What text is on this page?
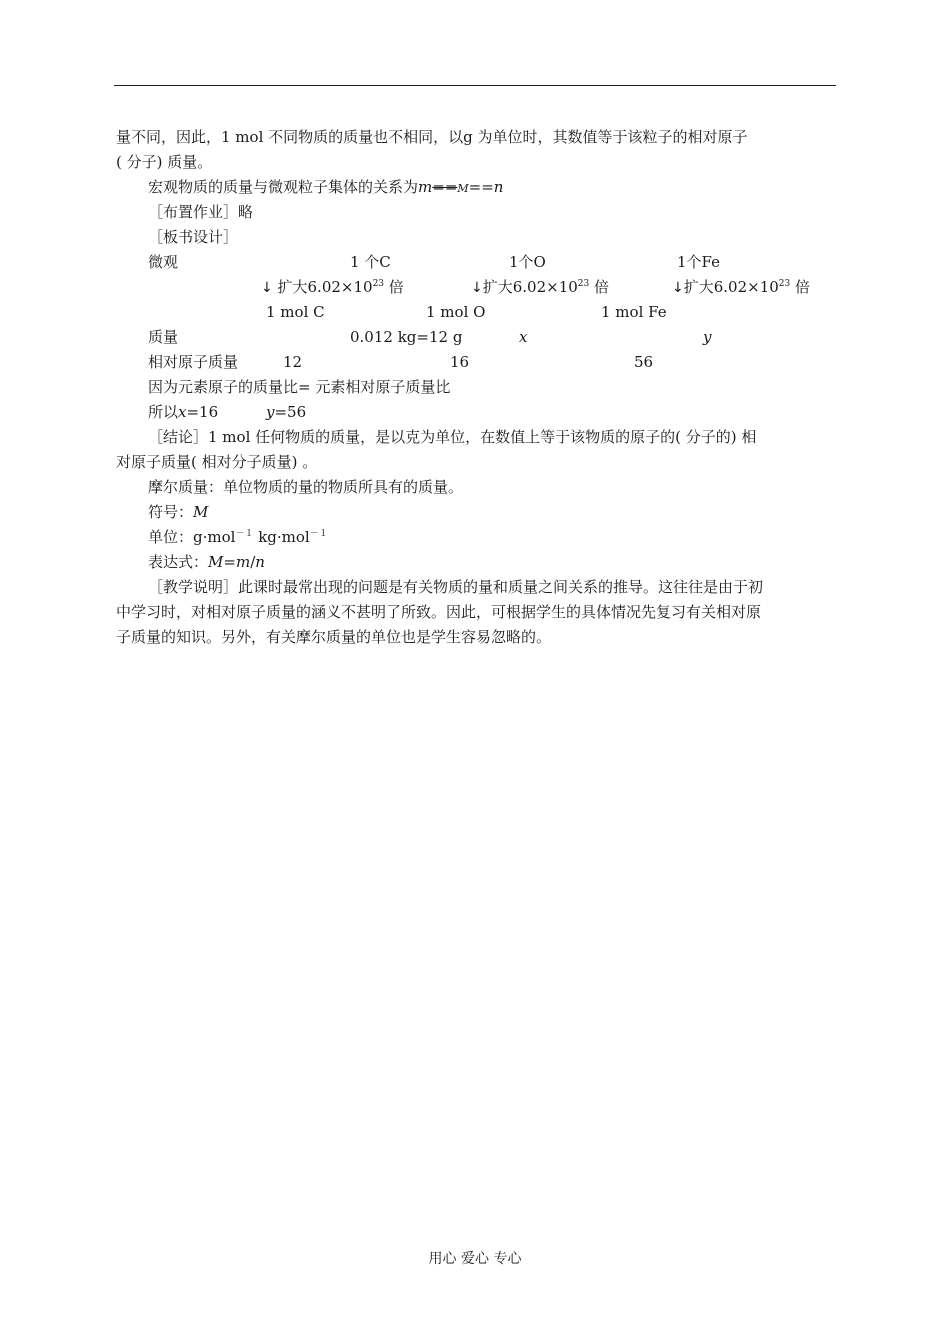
量不同，因此，1 mol 不同物质的质量也不相同，以g 为单位时，其数值等于该粒子的相对原子
( 分子) 质量。
宏观物质的质量与微观粒子集体的关系为m==M==n
［布置作业］略
［板书设计］
微观	1 个C	1个O	1个Fe
↓ 扩大$6.02\times 10^{23}$ 倍	↓扩大$6.02\times 10^{23}$ 倍	↓扩大$6.02\times 10^{23}$ 倍
1 mol C	1 mol O	1 mol Fe
质量	0.012 kg=12 g	x	y
相对原子质量	12	16	56
因为元素原子的质量比= 元素相对原子质量比
所以x=16	y=56
［结论］1 mol 任何物质的质量，是以克为单位，在数值上等于该物质的原子的( 分子的) 相
对原子质量( 相对分子质量) 。
摩尔质量：单位物质的量的物质所具有的质量。
符号：M
单位：g·mol$^{-1}$ kg·mol$^{-1}$
表达式：M=m/n
［教学说明］此课时最常出现的问题是有关物质的量和质量之间关系的推导。这往往是由于初
中学习时，对相对原子质量的涵义不甚明了所致。因此，可根据学生的具体情况先复习有关相对原
子质量的知识。另外，有关摩尔质量的单位也是学生容易忽略的。
用心 爱心 专心
